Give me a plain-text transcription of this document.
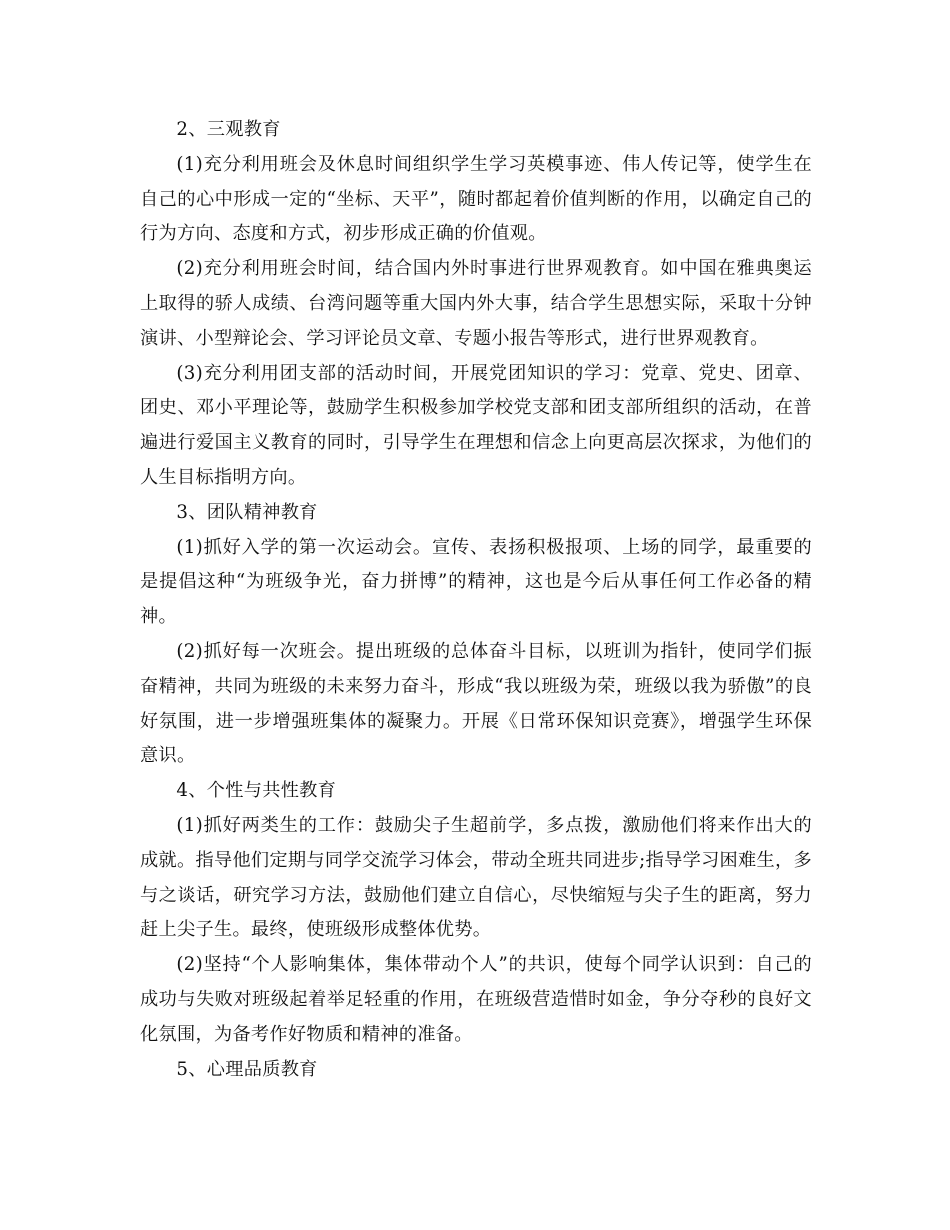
2、三观教育

(1)充分利用班会及休息时间组织学生学习英模事迹、伟人传记等，使学生在自己的心中形成一定的“坐标、天平”，随时都起着价值判断的作用，以确定自己的行为方向、态度和方式，初步形成正确的价值观。

(2)充分利用班会时间，结合国内外时事进行世界观教育。如中国在雅典奥运上取得的骄人成绩、台湾问题等重大国内外大事，结合学生思想实际，采取十分钟演讲、小型辩论会、学习评论员文章、专题小报告等形式，进行世界观教育。

(3)充分利用团支部的活动时间，开展党团知识的学习：党章、党史、团章、团史、邓小平理论等，鼓励学生积极参加学校党支部和团支部所组织的活动，在普遍进行爱国主义教育的同时，引导学生在理想和信念上向更高层次探求，为他们的人生目标指明方向。

3、团队精神教育

(1)抓好入学的第一次运动会。宣传、表扬积极报项、上场的同学，最重要的是提倡这种“为班级争光，奋力拼博”的精神，这也是今后从事任何工作必备的精神。

(2)抓好每一次班会。提出班级的总体奋斗目标，以班训为指针，使同学们振奋精神，共同为班级的未来努力奋斗，形成“我以班级为荣，班级以我为骄傲”的良好氛围，进一步增强班集体的凝聚力。开展《日常环保知识竞赛》，增强学生环保意识。

4、个性与共性教育

(1)抓好两类生的工作：鼓励尖子生超前学，多点拨，激励他们将来作出大的成就。指导他们定期与同学交流学习体会，带动全班共同进步;指导学习困难生，多与之谈话，研究学习方法，鼓励他们建立自信心，尽快缩短与尖子生的距离，努力赶上尖子生。最终，使班级形成整体优势。

(2)坚持“个人影响集体，集体带动个人”的共识，使每个同学认识到：自己的成功与失败对班级起着举足轻重的作用，在班级营造惜时如金，争分夺秒的良好文化氛围，为备考作好物质和精神的准备。

5、心理品质教育
